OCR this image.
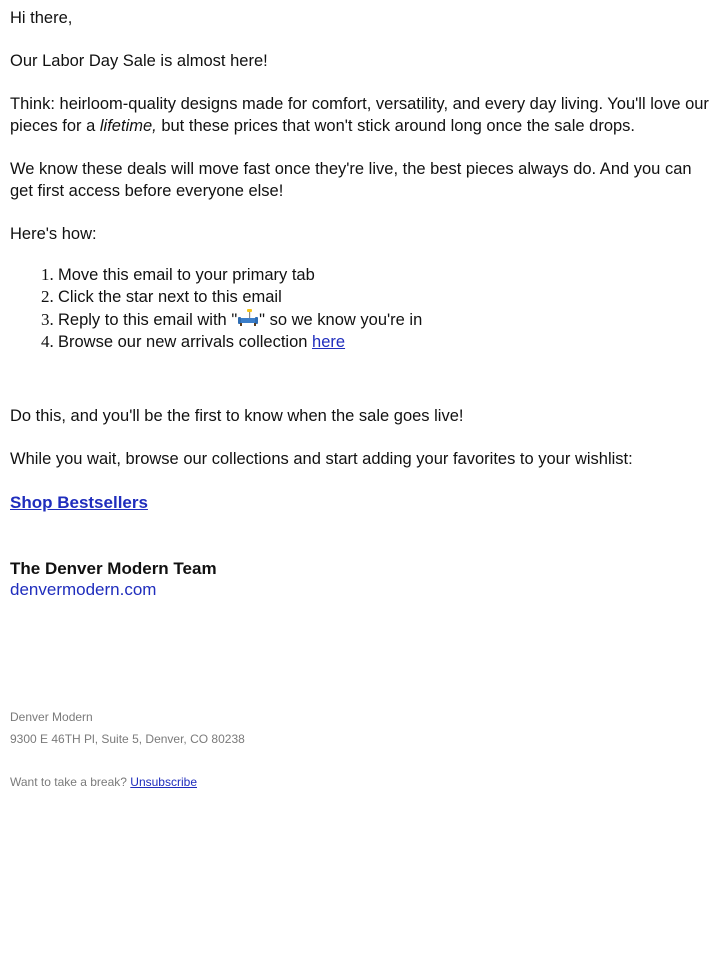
Hi there,

Our Labor Day Sale is almost here!

Think: heirloom-quality designs made for comfort, versatility, and every day living. You'll love our pieces for a lifetime, but these prices that won't stick around long once the sale drops.

We know these deals will move fast once they're live, the best pieces always do. And you can get first access before everyone else!

Here's how:

1. Move this email to your primary tab
2. Click the star next to this email
3. Reply to this email with " " so we know you're in
4. Browse our new arrivals collection here

Do this, and you'll be the first to know when the sale goes live!

While you wait, browse our collections and start adding your favorites to your wishlist:

Shop Bestsellers

The Denver Modern Team

denvermodern.com
Denver Modern
9300 E 46TH Pl, Suite 5, Denver, CO 80238
Want to take a break? Unsubscribe
